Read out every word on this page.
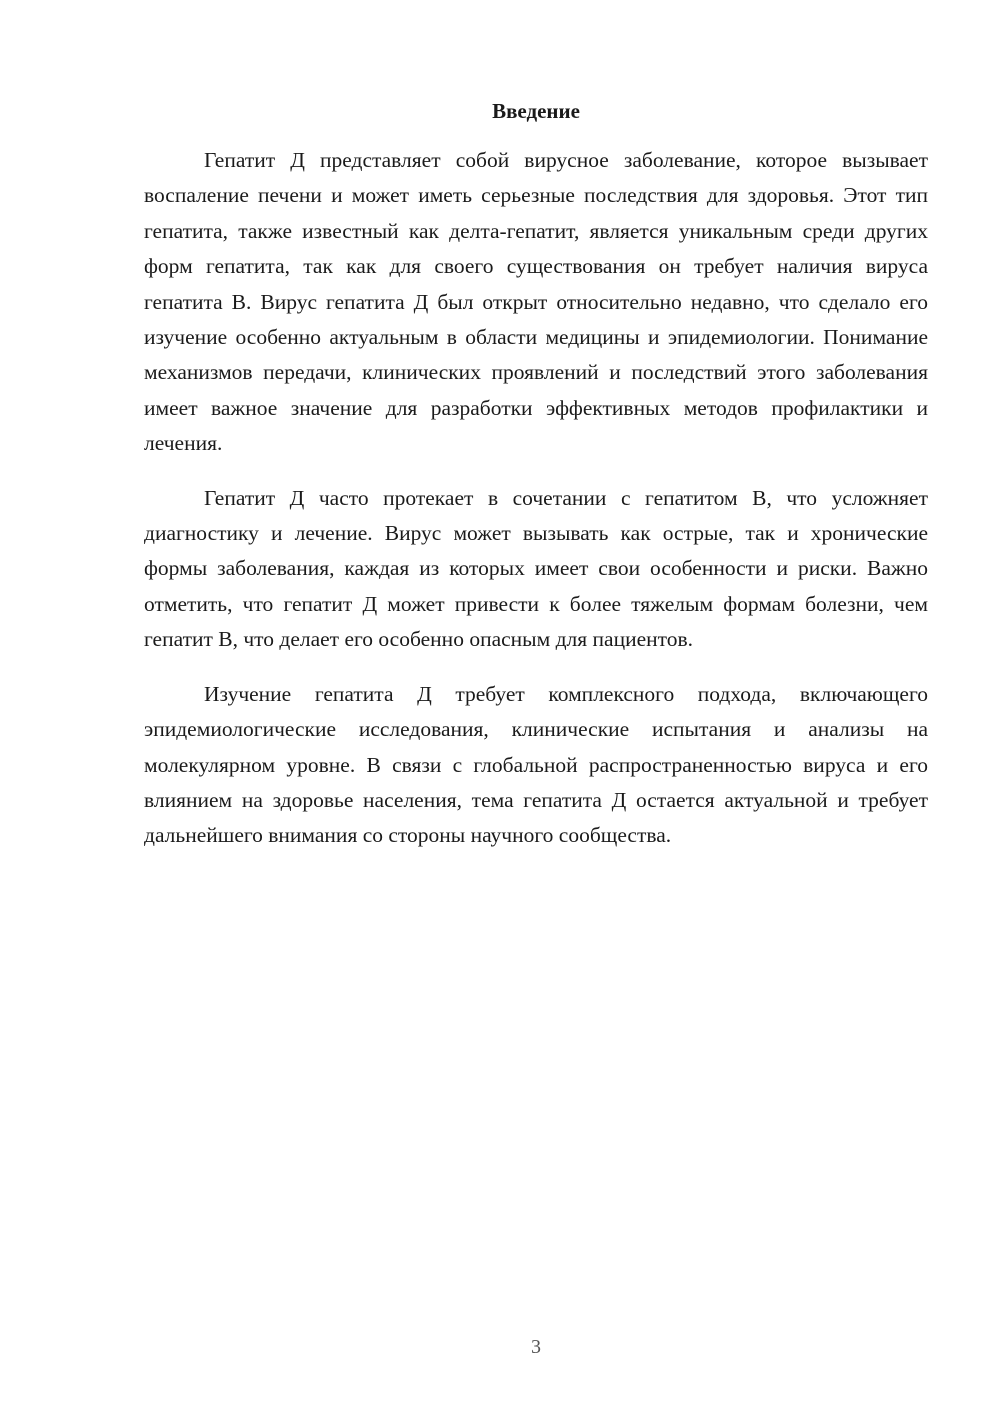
Введение

Гепатит Д представляет собой вирусное заболевание, которое вызывает воспаление печени и может иметь серьезные последствия для здоровья. Этот тип гепатита, также известный как делта-гепатит, является уникальным среди других форм гепатита, так как для своего существования он требует наличия вируса гепатита В. Вирус гепатита Д был открыт относительно недавно, что сделало его изучение особенно актуальным в области медицины и эпидемиологии. Понимание механизмов передачи, клинических проявлений и последствий этого заболевания имеет важное значение для разработки эффективных методов профилактики и лечения.

Гепатит Д часто протекает в сочетании с гепатитом В, что усложняет диагностику и лечение. Вирус может вызывать как острые, так и хронические формы заболевания, каждая из которых имеет свои особенности и риски. Важно отметить, что гепатит Д может привести к более тяжелым формам болезни, чем гепатит В, что делает его особенно опасным для пациентов.

Изучение гепатита Д требует комплексного подхода, включающего эпидемиологические исследования, клинические испытания и анализы на молекулярном уровне. В связи с глобальной распространенностью вируса и его влиянием на здоровье населения, тема гепатита Д остается актуальной и требует дальнейшего внимания со стороны научного сообщества.

3
